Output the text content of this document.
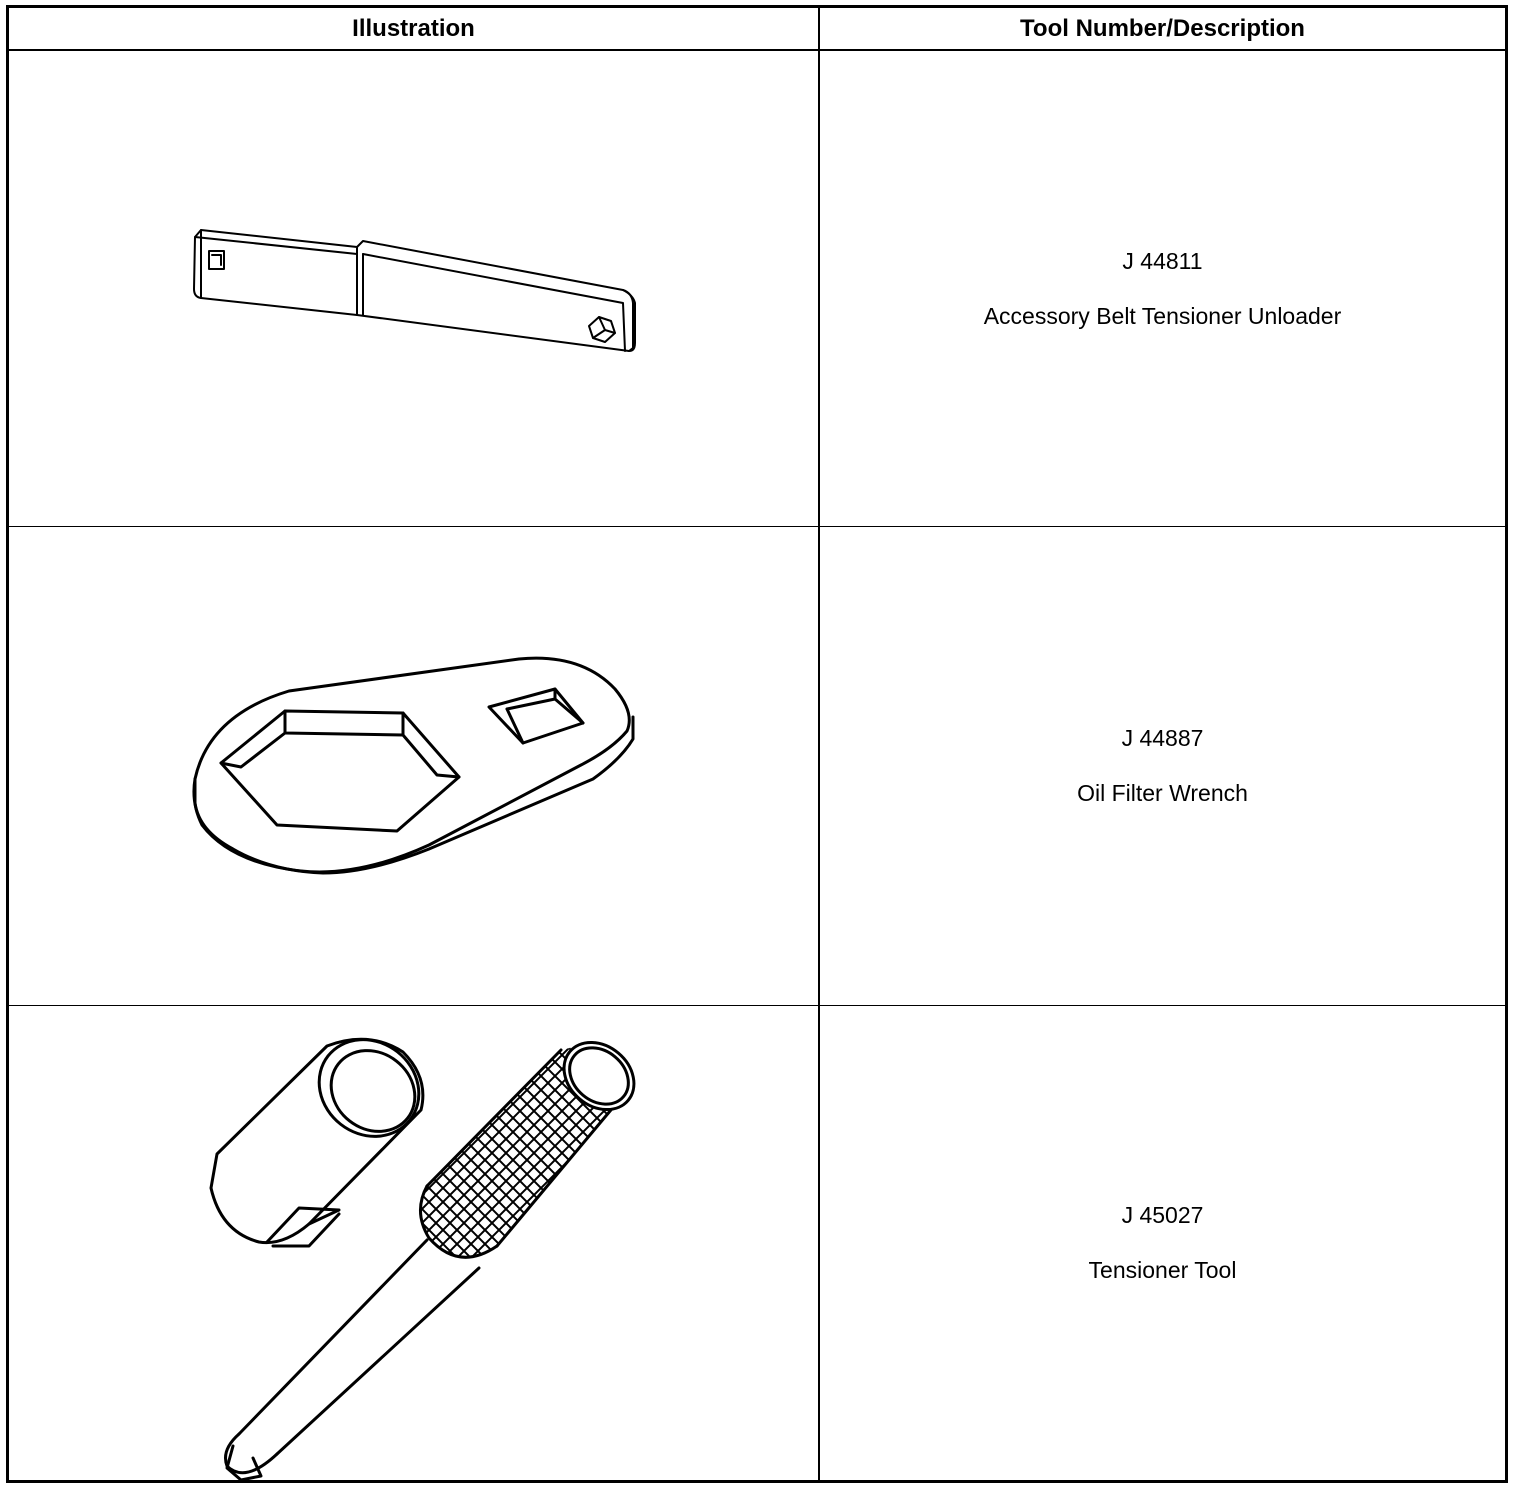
Illustration	Tool Number/Description
J 44811
Accessory Belt Tensioner Unloader
J 44887
Oil Filter Wrench
J 45027
Tensioner Tool
